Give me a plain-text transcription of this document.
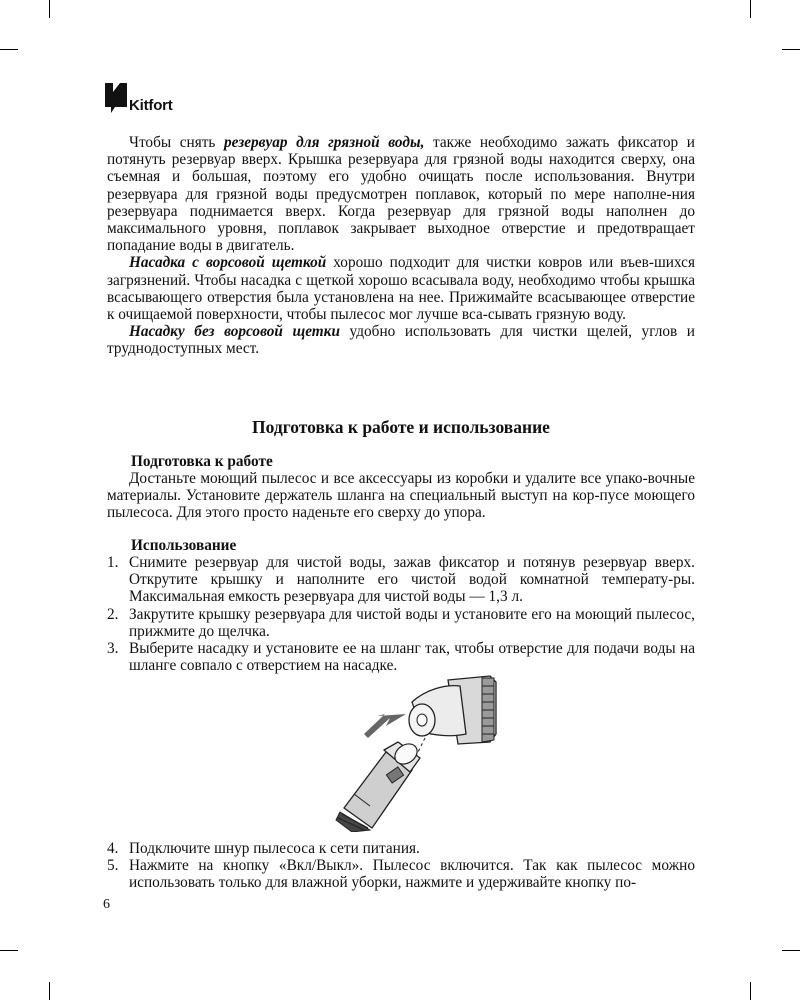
Kitfort

Чтобы снять резервуар для грязной воды, также необходимо зажать фиксатор и потянуть резервуар вверх. Крышка резервуара для грязной воды находится сверху, она съемная и большая, поэтому его удобно очищать после использования. Внутри резервуара для грязной воды предусмотрен поплавок, который по мере наполне-ния резервуара поднимается вверх. Когда резервуар для грязной воды наполнен до максимального уровня, поплавок закрывает выходное отверстие и предотвращает попадание воды в двигатель.

Насадка с ворсовой щеткой хорошо подходит для чистки ковров или въев-шихся загрязнений. Чтобы насадка с щеткой хорошо всасывала воду, необходимо чтобы крышка всасывающего отверстия была установлена на нее. Прижимайте всасывающее отверстие к очищаемой поверхности, чтобы пылесос мог лучше вса-сывать грязную воду.

Насадку без ворсовой щетки удобно использовать для чистки щелей, углов и труднодоступных мест.

Подготовка к работе и использование

Подготовка к работе

Достаньте моющий пылесос и все аксессуары из коробки и удалите все упако-вочные материалы. Установите держатель шланга на специальный выступ на кор-пусе моющего пылесоса. Для этого просто наденьте его сверху до упора.

Использование

1. Снимите резервуар для чистой воды, зажав фиксатор и потянув резервуар вверх. Открутите крышку и наполните его чистой водой комнатной температу-ры. Максимальная емкость резервуара для чистой воды — 1,3 л.
2. Закрутите крышку резервуара для чистой воды и установите его на моющий пылесос, прижмите до щелчка.
3. Выберите насадку и установите ее на шланг так, чтобы отверстие для подачи воды на шланге совпало с отверстием на насадке.
4. Подключите шнур пылесоса к сети питания.
5. Нажмите на кнопку «Вкл/Выкл». Пылесос включится. Так как пылесос можно использовать только для влажной уборки, нажмите и удерживайте кнопку по-
6
